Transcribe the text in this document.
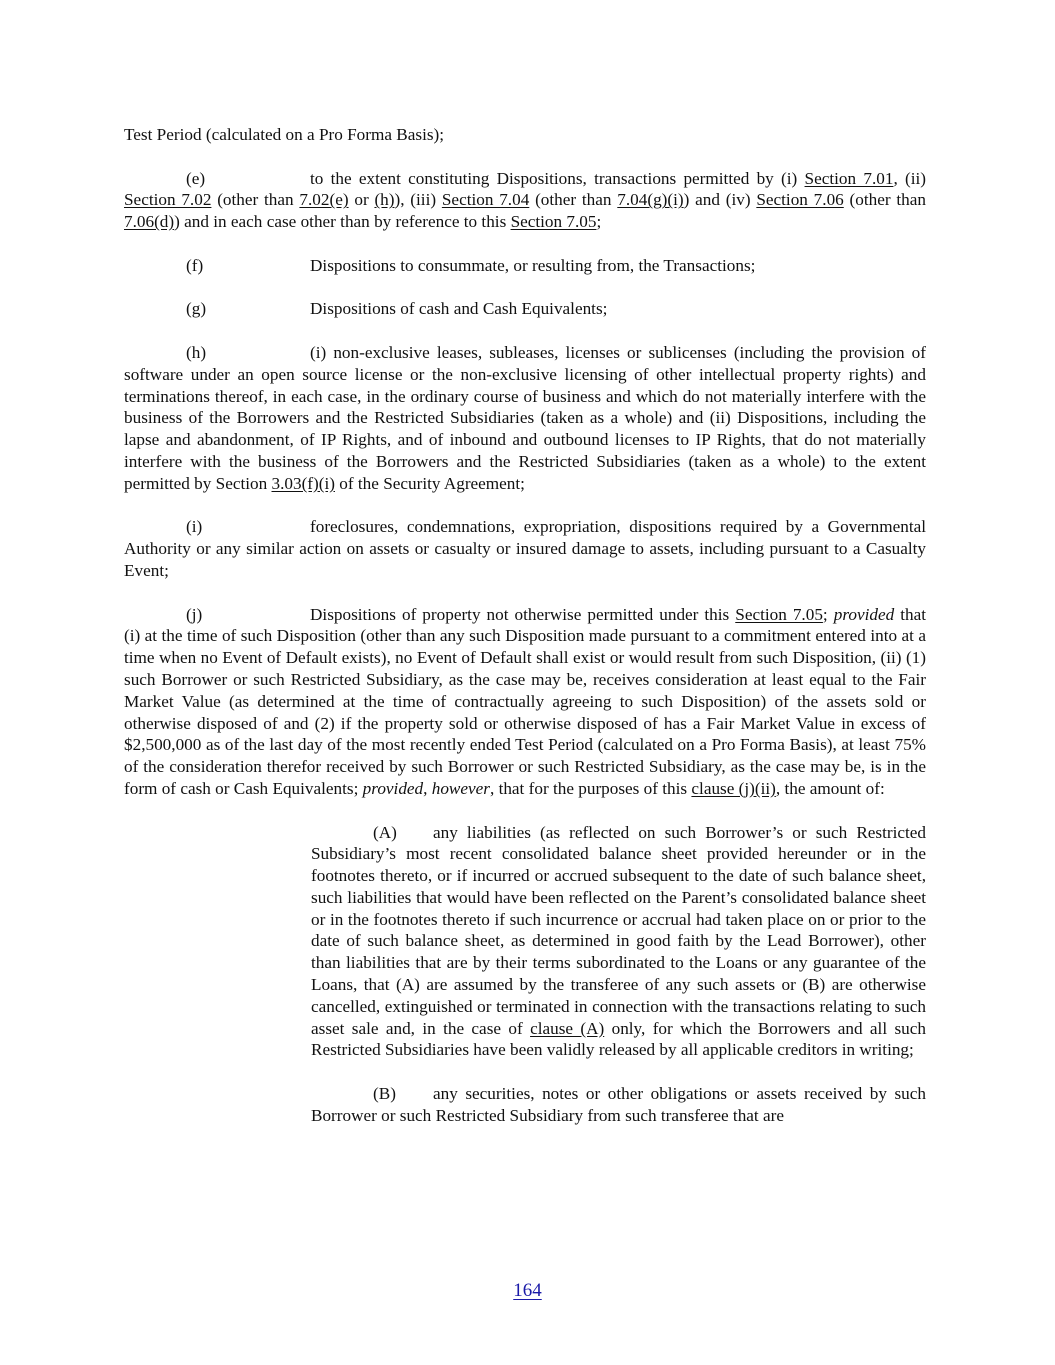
Test Period (calculated on a Pro Forma Basis);

(e)	to the extent constituting Dispositions, transactions permitted by (i) Section 7.01, (ii) Section 7.02 (other than 7.02(e) or (h)), (iii) Section 7.04 (other than 7.04(g)(i)) and (iv) Section 7.06 (other than 7.06(d)) and in each case other than by reference to this Section 7.05;

(f)	Dispositions to consummate, or resulting from, the Transactions;

(g)	Dispositions of cash and Cash Equivalents;

(h)	(i) non-exclusive leases, subleases, licenses or sublicenses (including the provision of software under an open source license or the non-exclusive licensing of other intellectual property rights) and terminations thereof, in each case, in the ordinary course of business and which do not materially interfere with the business of the Borrowers and the Restricted Subsidiaries (taken as a whole) and (ii) Dispositions, including the lapse and abandonment, of IP Rights, and of inbound and outbound licenses to IP Rights, that do not materially interfere with the business of the Borrowers and the Restricted Subsidiaries (taken as a whole) to the extent permitted by Section 3.03(f)(i) of the Security Agreement;

(i)	foreclosures, condemnations, expropriation, dispositions required by a Governmental Authority or any similar action on assets or casualty or insured damage to assets, including pursuant to a Casualty Event;

(j)	Dispositions of property not otherwise permitted under this Section 7.05; provided that (i) at the time of such Disposition (other than any such Disposition made pursuant to a commitment entered into at a time when no Event of Default exists), no Event of Default shall exist or would result from such Disposition, (ii) (1) such Borrower or such Restricted Subsidiary, as the case may be, receives consideration at least equal to the Fair Market Value (as determined at the time of contractually agreeing to such Disposition) of the assets sold or otherwise disposed of and (2) if the property sold or otherwise disposed of has a Fair Market Value in excess of $2,500,000 as of the last day of the most recently ended Test Period (calculated on a Pro Forma Basis), at least 75% of the consideration therefor received by such Borrower or such Restricted Subsidiary, as the case may be, is in the form of cash or Cash Equivalents; provided, however, that for the purposes of this clause (j)(ii), the amount of:

(A) any liabilities (as reflected on such Borrower’s or such Restricted Subsidiary’s most recent consolidated balance sheet provided hereunder or in the footnotes thereto, or if incurred or accrued subsequent to the date of such balance sheet, such liabilities that would have been reflected on the Parent’s consolidated balance sheet or in the footnotes thereto if such incurrence or accrual had taken place on or prior to the date of such balance sheet, as determined in good faith by the Lead Borrower), other than liabilities that are by their terms subordinated to the Loans or any guarantee of the Loans, that (A) are assumed by the transferee of any such assets or (B) are otherwise cancelled, extinguished or terminated in connection with the transactions relating to such asset sale and, in the case of clause (A) only, for which the Borrowers and all such Restricted Subsidiaries have been validly released by all applicable creditors in writing;

(B) any securities, notes or other obligations or assets received by such Borrower or such Restricted Subsidiary from such transferee that are

164
